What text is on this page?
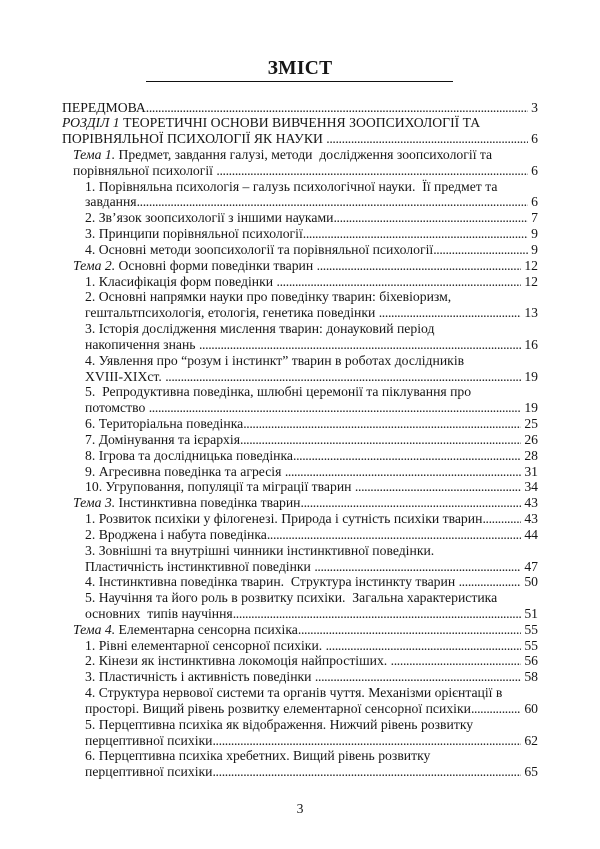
ЗМІСТ
ПЕРЕДМОВА .....	3
РОЗДІЛ 1 ТЕОРЕТИЧНІ ОСНОВИ ВИВЧЕННЯ ЗООПСИХОЛОГІЇ ТА
ПОРІВНЯЛЬНОЇ ПСИХОЛОГІЇ ЯК НАУКИ .....	6
Тема 1. Предмет, завдання галузі, методи  дослідження зоопсихології та
порівняльної психології .....	6
1. Порівняльна психологія – галузь психологічної науки.  Її предмет та
завдання .....	6
2. Зв’язок зоопсихології з іншими науками .....	7
3. Принципи порівняльної психології .....	9
4. Основні методи зоопсихології та порівняльної психології .....	9
Тема 2. Основні форми поведінки тварин .....	12
1. Класифікація форм поведінки .....	12
2. Основні напрямки науки про поведінку тварин: біхевіоризм,
гештальтпсихологія, етологія, генетика поведінки .....	13
3. Історія дослідження мислення тварин: донауковий період
накопичення знань .....	16
4. Уявлення про “розум і інстинкт” тварин в роботах дослідників
XVIII-XIXст. .....	19
5.  Репродуктивна поведінка, шлюбні церемонії та піклування про
потомство .....	19
6. Територіальна поведінка .....	25
7. Домінування та ієрархія .....	26
8. Ігрова та дослідницька поведінка .....	28
9. Агресивна поведінка та агресія .....	31
10. Угруповання, популяції та міграції тварин .....	34
Тема 3. Інстинктивна поведінка тварин .....	43
1. Розвиток психіки у філогенезі. Природа і сутність психіки тварин .....	43
2. Вроджена і набута поведінка .....	44
3. Зовнішні та внутрішні чинники інстинктивної поведінки.
Пластичність інстинктивної поведінки .....	47
4. Інстинктивна поведінка тварин.  Структура інстинкту тварин .....	50
5. Научіння та його роль в розвитку психіки.  Загальна характеристика
основних  типів научіння .....	51
Тема 4. Елементарна сенсорна психіка .....	55
1. Рівні елементарної сенсорної психіки. .....	55
2. Кінези як інстинктивна локомоція найпростіших. .....	56
3. Пластичність і активність поведінки .....	58
4. Структура нервової системи та органів чуття. Механізми орієнтації в
просторі. Вищий рівень розвитку елементарної сенсорної психіки .....	60
5. Перцептивна психіка як відображення. Нижчий рівень розвитку
перцептивної психіки .....	62
6. Перцептивна психіка хребетних. Вищий рівень розвитку
перцептивної психіки .....	65
3
